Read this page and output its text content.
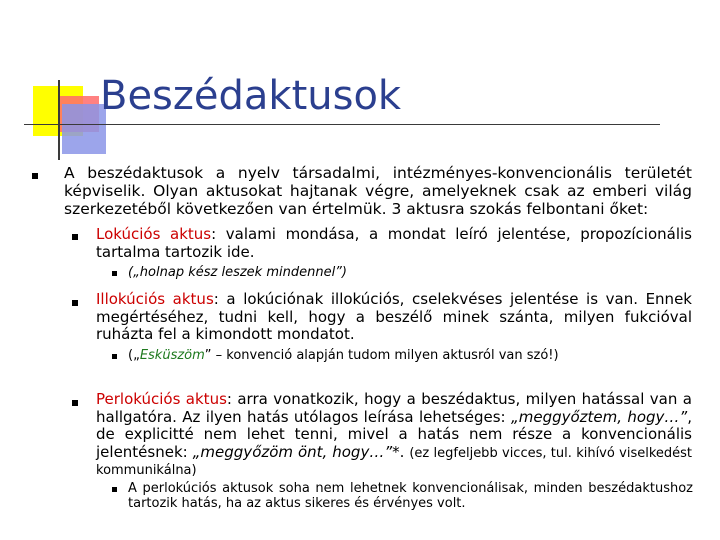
Beszédaktusok
A beszédaktusok a nyelv társadalmi, intézményes-konvencionális területét képviselik. Olyan aktusokat hajtanak végre, amelyeknek csak az emberi világ szerkezetéből következően van értelmük. 3 aktusra szokás felbontani őket:
Lokúciós aktus: valami mondása, a mondat leíró jelentése, propozícionális tartalma tartozik ide.
(„holnap kész leszek mindennel”)
Illokúciós aktus: a lokúciónak illokúciós, cselekvéses jelentése is van. Ennek megértéséhez, tudni kell, hogy a beszélő minek szánta, milyen fukcióval ruházta fel a kimondott mondatot.
(„Esküszöm” – konvenció alapján tudom milyen aktusról van szó!)
Perlokúciós aktus: arra vonatkozik, hogy a beszédaktus, milyen hatással van a hallgatóra. Az ilyen hatás utólagos leírása lehetséges: „meggyőztem, hogy…”, de explicitté nem lehet tenni, mivel a hatás nem része a konvencionális jelentésnek: „meggyőzöm önt, hogy…”*. (ez legfeljebb vicces, tul. kihívó viselkedést kommunikálna)
A perlokúciós aktusok soha nem lehetnek konvencionálisak, minden beszédaktushoz tartozik hatás, ha az aktus sikeres és érvényes volt.
